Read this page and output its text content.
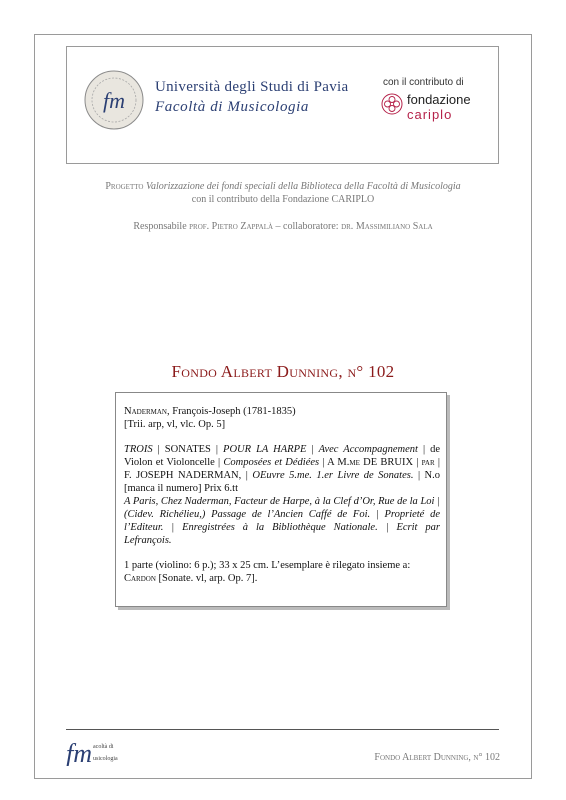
fm
Università degli Studi di Pavia
Facoltà di Musicologia
con il contributo di
fondazione
cariplo
Progetto Valorizzazione dei fondi speciali della Biblioteca della Facoltà di Musicologia
con il contributo della Fondazione CARIPLO
Responsabile prof. Pietro Zappalà – collaboratore: dr. Massimiliano Sala
Fondo Albert Dunning, n° 102

Naderman, François-Joseph (1781-1835)

[Trii. arp, vl, vlc. Op. 5]

TROIS | SONATES | POUR LA HARPE | Avec Accompagnement | de Violon et Violoncelle | Composées et Dédiées | A M.me DE BRUIX | par | F. JOSEPH NADERMAN, | OEuvre 5.me. 1.er Livre de Sonates. | N.o [manca il numero] Prix 6.tt

A Paris, Chez Naderman, Facteur de Harpe, à la Clef d’Or, Rue de la Loi | (Cidev. Richélieu,) Passage de l’Ancien Caffé de Foi. | Proprieté de l’Editeur. | Enregistrées à la Bibliothèque Nationale. | Ecrit par Lefrançois.

1 parte (violino: 6 p.); 33 x 25 cm. L’esemplare è rilegato insieme a:

Cardon [Sonate. vl, arp. Op. 7].

fm acoltà di
usicologia	Fondo Albert Dunning, n° 102
